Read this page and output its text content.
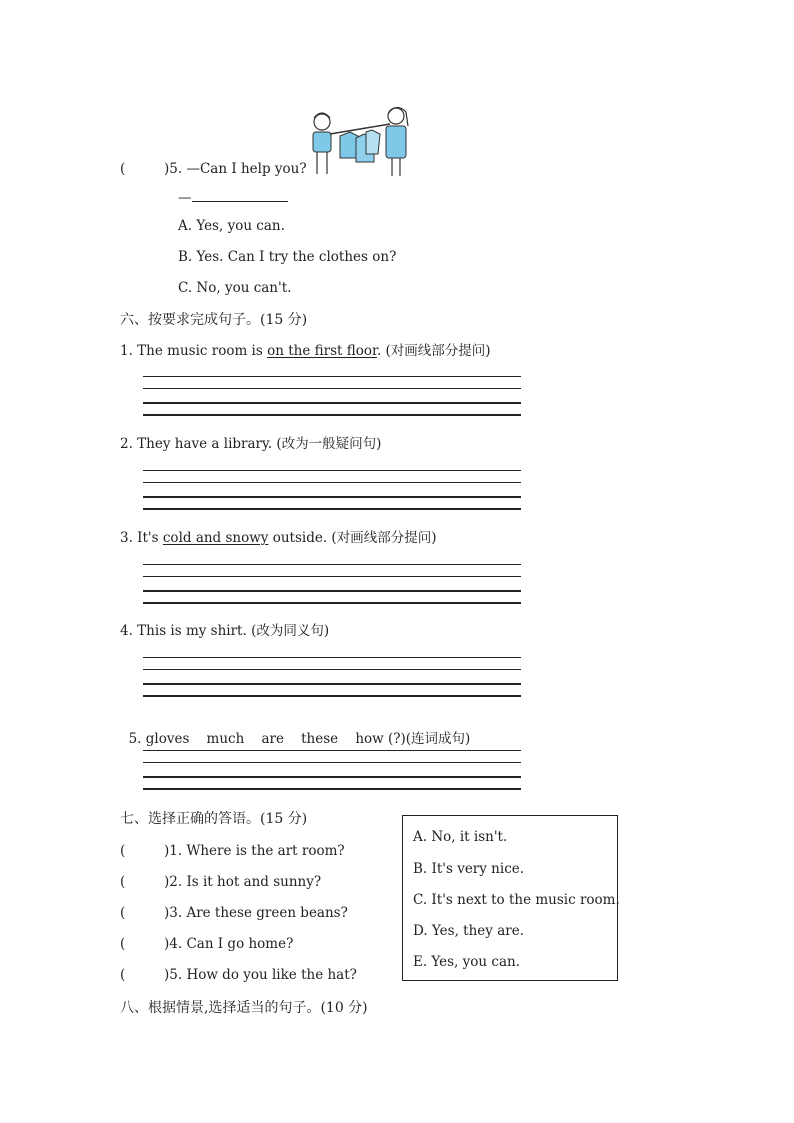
(	)5. —Can I help you?
—
A. Yes, you can.
B. Yes. Can I try the clothes on?
C. No, you can't.
六、按要求完成句子。(15 分)
1. The music room is on the first floor. (对画线部分提问)
2. They have a library. (改为一般疑问句)
3. It's cold and snowy outside. (对画线部分提问)
4. This is my shirt. (改为同义句)

5. gloves    much    are    these    how (?)(连词成句)

七、选择正确的答语。(15 分)
(	)1. Where is the art room?
(	)2. Is it hot and sunny?
(	)3. Are these green beans?
(	)4. Can I go home?
(	)5. How do you like the hat?
A. No, it isn't.
B. It's very nice.
C. It's next to the music room.
D. Yes, they are.
E. Yes, you can.
八、根据情景,选择适当的句子。(10 分)
